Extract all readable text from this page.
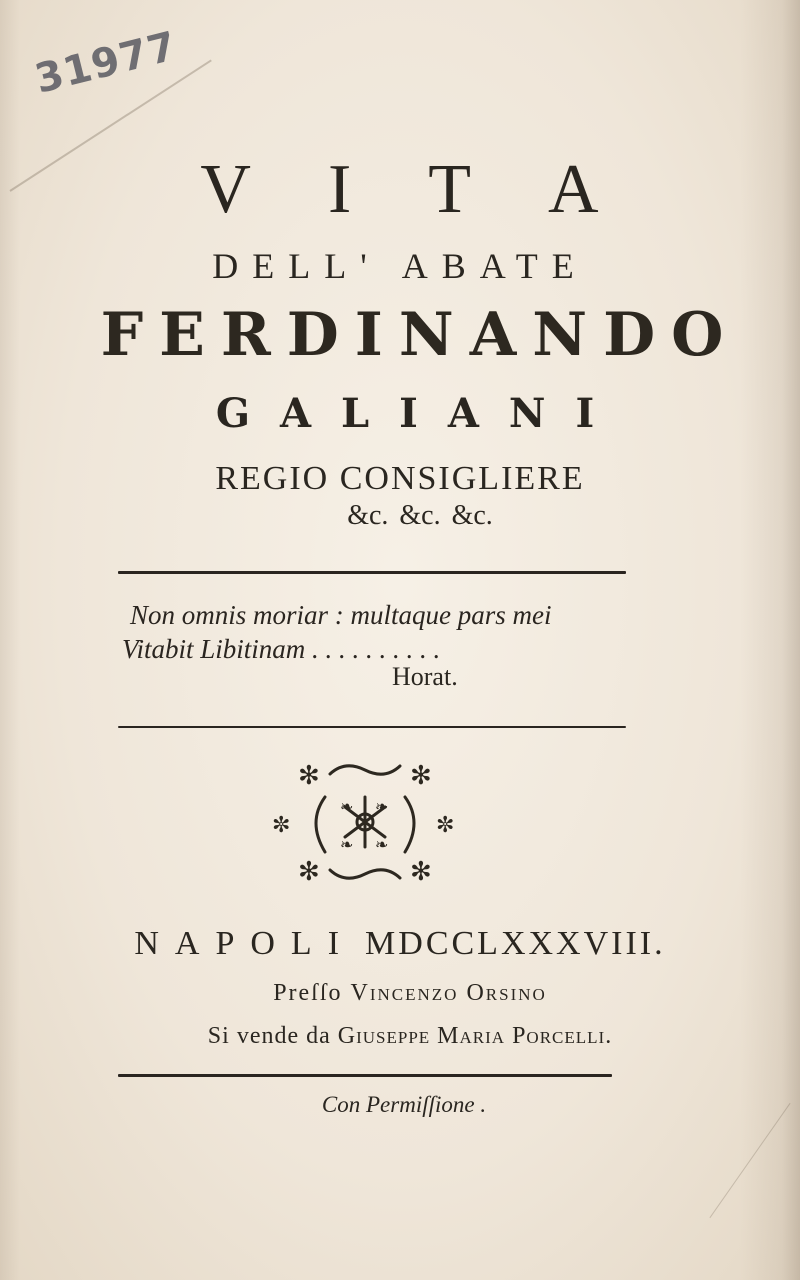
31977
V I T A
DELL' ABATE
FERDINANDO
GALIANI
REGIO CONSIGLIERE
&c. &c. &c.
Non omnis moriar : multaque pars mei
Vitabit Libitinam . . . . . . . . . .
Horat.
✻	✻
✻	✻
✼	✼
❧ ❧
❧ ❧
NAPOLI MDCCLXXXVIII.
Preſſo Vincenzo Orsino
Si vende da Giuseppe Maria Porcelli.
Con Permiſſione .
